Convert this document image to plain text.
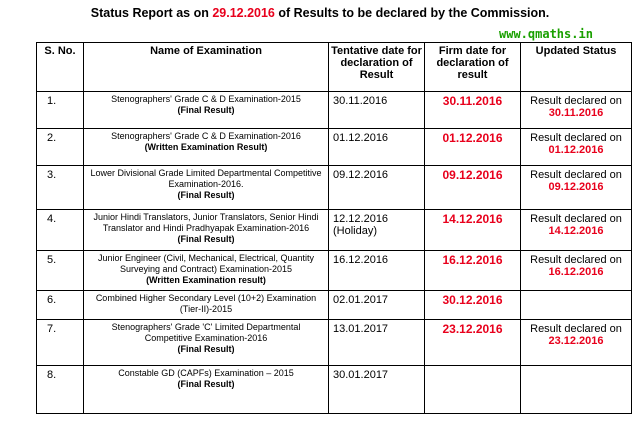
Status Report as on 29.12.2016 of Results to be declared by the Commission.
www.qmaths.in
S. No.	Name of Examination	Tentative date for declaration of Result	Firm date for declaration of result	Updated Status
1.	Stenographers' Grade C & D Examination-2015
(Final Result)	30.11.2016	30.11.2016	Result declared on
30.11.2016

2.	Stenographers' Grade C & D Examination-2016
(Written Examination Result)	01.12.2016	01.12.2016	Result declared on
01.12.2016

3.	Lower Divisional Grade Limited Departmental Competitive Examination-2016.
(Final Result)	09.12.2016	09.12.2016	Result declared on
09.12.2016

4.	Junior Hindi Translators, Junior Translators, Senior Hindi Translator and Hindi Pradhyapak Examination-2016
(Final Result)	12.12.2016 (Holiday)	14.12.2016	Result declared on
14.12.2016

5.	Junior Engineer (Civil, Mechanical, Electrical, Quantity Surveying and Contract) Examination-2015
(Written Examination result)	16.12.2016	16.12.2016	Result declared on
16.12.2016

6.	Combined Higher Secondary Level (10+2) Examination (Tier-II)-2015	02.01.2017	30.12.2016	

7.	Stenographers' Grade 'C' Limited Departmental Competitive Examination-2016
(Final Result)	13.01.2017	23.12.2016	Result declared on
23.12.2016

8.	Constable GD (CAPFs) Examination – 2015
(Final Result)	30.01.2017		
